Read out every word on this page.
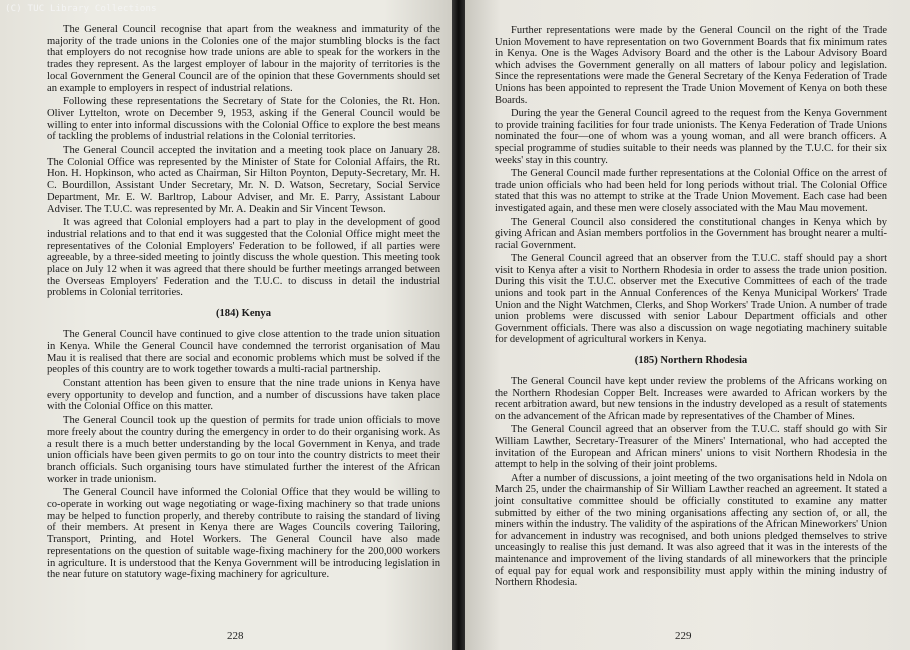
The General Council recognise that apart from the weakness and immaturity of the majority of the trade unions in the Colonies one of the major stumbling blocks is the fact that employers do not recognise how trade unions are able to speak for the workers in the trades they represent. As the largest employer of labour in the majority of territories is the local Government the General Council are of the opinion that these Governments should set an example to employers in respect of industrial relations.

Following these representations the Secretary of State for the Colonies, the Rt. Hon. Oliver Lyttelton, wrote on December 9, 1953, asking if the General Council would be willing to enter into informal discussions with the Colonial Office to explore the best means of tackling the problems of industrial relations in the Colonial territories.

The General Council accepted the invitation and a meeting took place on January 28. The Colonial Office was represented by the Minister of State for Colonial Affairs, the Rt. Hon. H. Hopkinson, who acted as Chairman, Sir Hilton Poynton, Deputy-Secretary, Mr. H. C. Bourdillon, Assistant Under Secretary, Mr. N. D. Watson, Secretary, Social Service Department, Mr. E. W. Barltrop, Labour Adviser, and Mr. E. Parry, Assistant Labour Adviser. The T.U.C. was represented by Mr. A. Deakin and Sir Vincent Tewson.

It was agreed that Colonial employers had a part to play in the development of good industrial relations and to that end it was suggested that the Colonial Office might meet the representatives of the Colonial Employers' Federation to be followed, if all parties were agreeable, by a three-sided meeting to jointly discuss the whole question. This meeting took place on July 12 when it was agreed that there should be further meetings arranged between the Overseas Employers' Federation and the T.U.C. to discuss in detail the industrial problems in Colonial territories.

(184) Kenya

The General Council have continued to give close attention to the trade union situation in Kenya. While the General Council have condemned the terrorist organisation of Mau Mau it is realised that there are social and economic problems which must be solved if the peoples of this country are to work together towards a multi-racial partnership.

Constant attention has been given to ensure that the nine trade unions in Kenya have every opportunity to develop and function, and a number of discussions have taken place with the Colonial Office on this matter.

The General Council took up the question of permits for trade union officials to move more freely about the country during the emergency in order to do their organising work. As a result there is a much better understanding by the local Government in Kenya, and trade union officials have been given permits to go on tour into the country districts to meet their branch officials. Such organising tours have stimulated further the interest of the African worker in trade unionism.

The General Council have informed the Colonial Office that they would be willing to co-operate in working out wage negotiating or wage-fixing machinery so that trade unions may be helped to function properly, and thereby contribute to raising the standard of living of their members. At present in Kenya there are Wages Councils covering Tailoring, Transport, Printing, and Hotel Workers. The General Council have also made representations on the question of suitable wage-fixing machinery for the 200,000 workers in agriculture. It is understood that the Kenya Government will be introducing legislation in the near future on statutory wage-fixing machinery for agriculture.

228

Further representations were made by the General Council on the right of the Trade Union Movement to have representation on two Government Boards that fix minimum rates in Kenya. One is the Wages Advisory Board and the other is the Labour Advisory Board which advises the Government generally on all matters of labour policy and legislation. Since the representations were made the General Secretary of the Kenya Federation of Trade Unions has been appointed to represent the Trade Union Movement of Kenya on both these Boards.

During the year the General Council agreed to the request from the Kenya Government to provide training facilities for four trade unionists. The Kenya Federation of Trade Unions nominated the four—one of whom was a young woman, and all were branch officers. A special programme of studies suitable to their needs was planned by the T.U.C. for their six weeks' stay in this country.

The General Council made further representations at the Colonial Office on the arrest of trade union officials who had been held for long periods without trial. The Colonial Office stated that this was no attempt to strike at the Trade Union Movement. Each case had been investigated again, and these men were closely associated with the Mau Mau movement.

The General Council also considered the constitutional changes in Kenya which by giving African and Asian members portfolios in the Government has brought nearer a multi-racial Government.

The General Council agreed that an observer from the T.U.C. staff should pay a short visit to Kenya after a visit to Northern Rhodesia in order to assess the trade union position. During this visit the T.U.C. observer met the Executive Committees of each of the trade unions and took part in the Annual Conferences of the Kenya Municipal Workers' Trade Union and the Night Watchmen, Clerks, and Shop Workers' Trade Union. A number of trade union problems were discussed with senior Labour Department officials and other Government officials. There was also a discussion on wage negotiating machinery suitable for development of agricultural workers in Kenya.

(185) Northern Rhodesia

The General Council have kept under review the problems of the Africans working on the Northern Rhodesian Copper Belt. Increases were awarded to African workers by the recent arbitration award, but new tensions in the industry developed as a result of statements on the advancement of the African made by representatives of the Chamber of Mines.

The General Council agreed that an observer from the T.U.C. staff should go with Sir William Lawther, Secretary-Treasurer of the Miners' International, who had accepted the invitation of the European and African miners' unions to visit Northern Rhodesia in the attempt to help in the solving of their joint problems.

After a number of discussions, a joint meeting of the two organisations held in Ndola on March 25, under the chairmanship of Sir William Lawther reached an agreement. It stated a joint consultative committee should be officially constituted to examine any matter submitted by either of the two mining organisations affecting any section of, or all, the miners within the industry. The validity of the aspirations of the African Mineworkers' Union for advancement in industry was recognised, and both unions pledged themselves to strive unceasingly to realise this just demand. It was also agreed that it was in the interests of the maintenance and improvement of the living standards of all mineworkers that the principle of equal pay for equal work and responsibility must apply within the mining industry of Northern Rhodesia.

229
(C) TUC Library Collections
